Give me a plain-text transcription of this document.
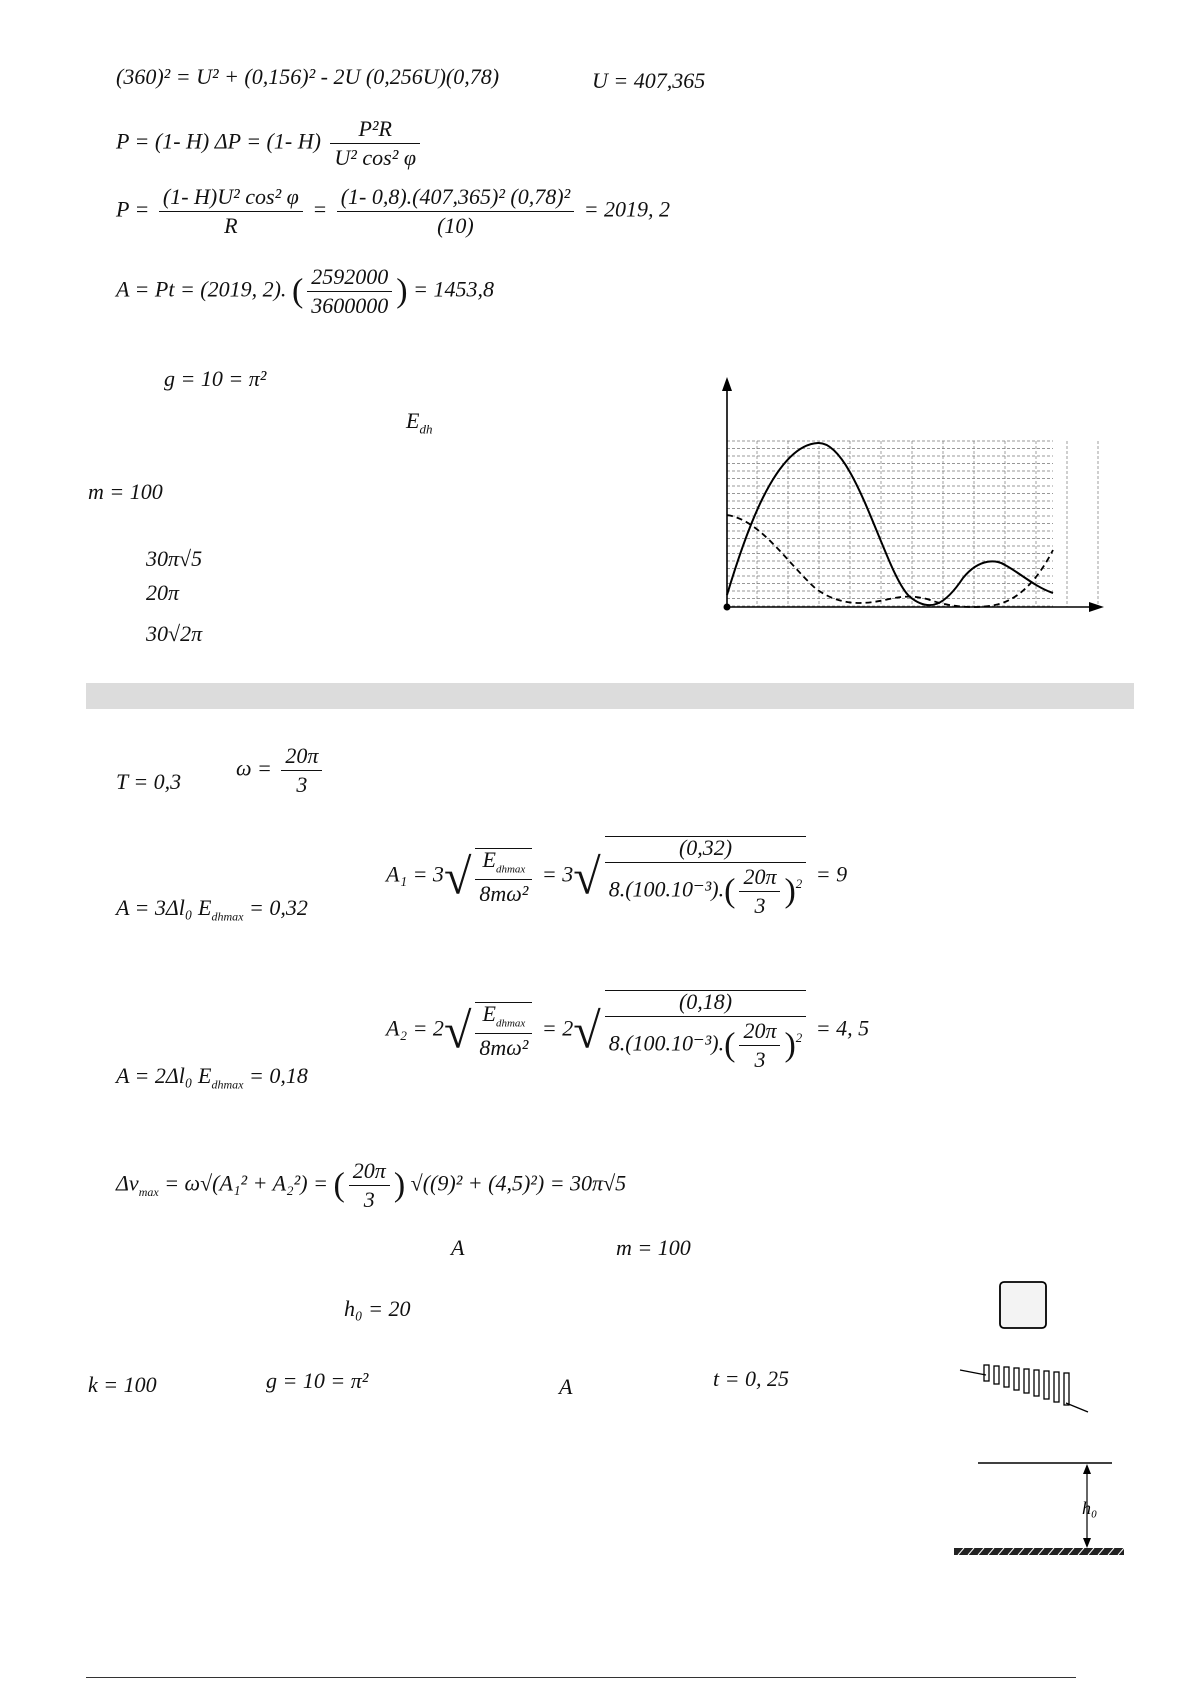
(360)² = U² + (0,156)² - 2U (0,256U)(0,78)	U = 407,365
P = (1- H) ΔP = (1- $H) \frac{\text{P²R}}{\text{U² cos² φ}}$
$P = \frac{\text{(1- H)U² cos² φ}}{R} = \frac{\text{(1- 0,8).(407,365)² (0,78)²}}{(10)} = 2019$, 2
A = Pt = (2019, 2). ( $\frac{2592000}{3600000}$ ) = 1453,8
g = 10 = π²
$E_{dh}$
m = 100
30π√5
20π
30√2π
T = 0,3
$\omega = \frac{20\pi}{3}$
A = 3Δl₀ $E_{dhmax} = 0,32$
$A_1 = 3√ \frac{E_{dhmax}}{\text{8mω²}} = 3√ \frac{(0,32)}{8.(100.10^{-3}).( \frac{20\pi}{3} )^2} = 9$
A = 2Δl₀ $E_{dhmax} = 0,18$
$A_2 = 2√ \frac{E_{dhmax}}{\text{8mω²}} = 2√ \frac{(0,18)}{8.(100.10^{-3}).( \frac{20\pi}{3} )^2} = 4$, 5
$\Delta v_{max} = \omega√(A_1^2 + A_2^2)$ = ( $\frac{20\pi}{3}$ ) √((9)² + (4,5)²) = 30π√5
A	m = 100
h₀ = 20
k = 100	g = 10 = π²	A	t = 0, 25
h₀
